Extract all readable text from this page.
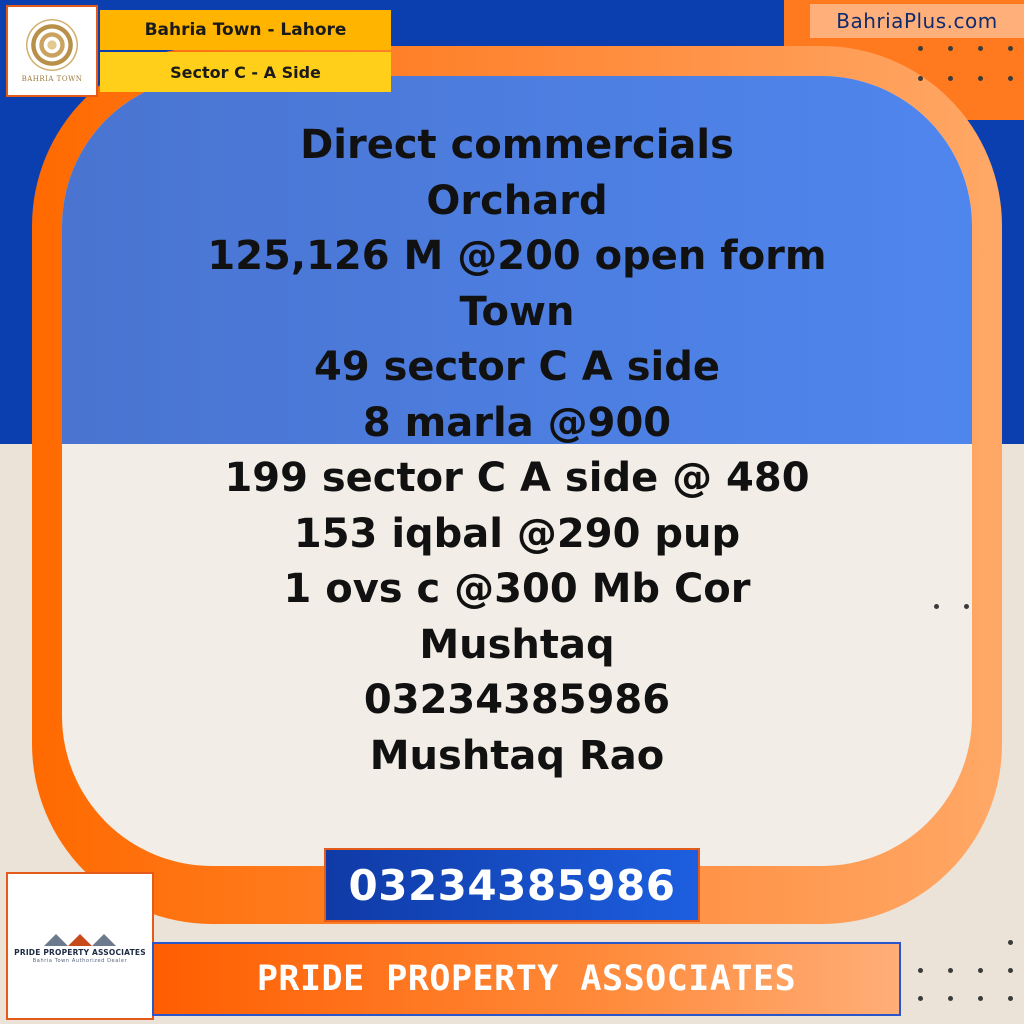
BAHRIA TOWN
Bahria Town - Lahore
Sector C - A Side
BahriaPlus.com
Direct commercials
Orchard
125,126 M @200 open form
Town
49 sector C A side
8 marla @900
199 sector C A side @ 480
153 iqbal @290 pup
1 ovs c @300 Mb Cor
Mushtaq
03234385986
Mushtaq Rao
03234385986
PRIDE PROPERTY ASSOCIATES
Bahria Town Authorized Dealer	PRIDE PROPERTY ASSOCIATES
